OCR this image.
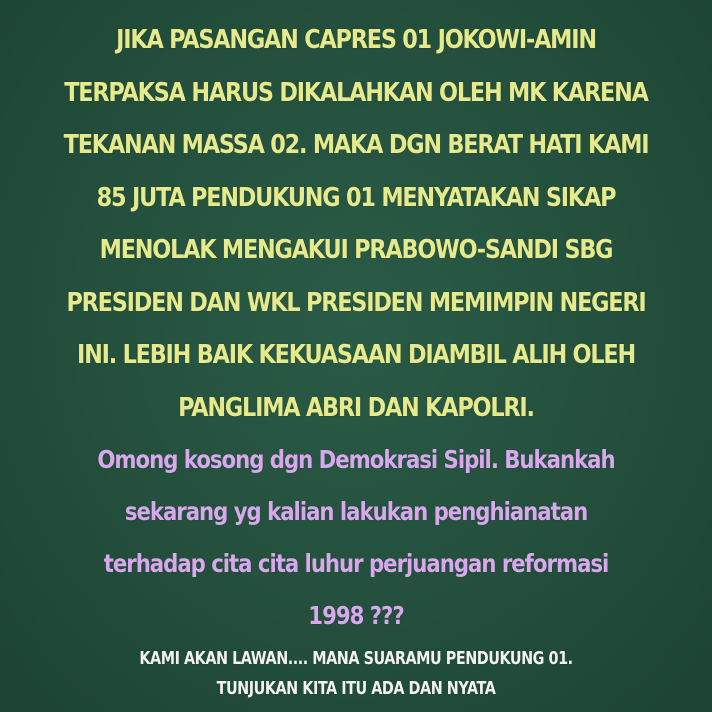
JIKA PASANGAN CAPRES 01 JOKOWI-AMIN
TERPAKSA HARUS DIKALAHKAN OLEH MK KARENA
TEKANAN MASSA 02. MAKA DGN BERAT HATI KAMI
85 JUTA PENDUKUNG 01 MENYATAKAN SIKAP
MENOLAK MENGAKUI PRABOWO-SANDI SBG
PRESIDEN DAN WKL PRESIDEN MEMIMPIN NEGERI
INI. LEBIH BAIK KEKUASAAN DIAMBIL ALIH OLEH
PANGLIMA ABRI DAN KAPOLRI.
Omong kosong dgn Demokrasi Sipil. Bukankah
sekarang yg kalian lakukan penghianatan
terhadap cita cita luhur perjuangan reformasi
1998 ???
KAMI AKAN LAWAN.... MANA SUARAMU PENDUKUNG 01.
TUNJUKAN KITA ITU ADA DAN NYATA
